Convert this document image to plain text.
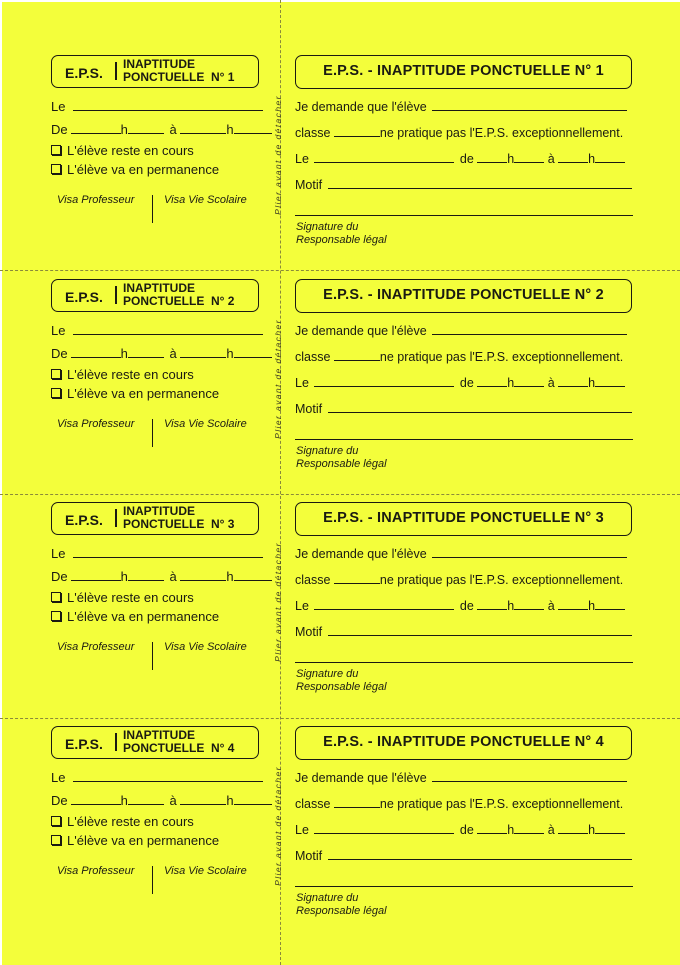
E.P.S.
INAPTITUDE
PONCTUELLE  N° 1
Le
De	h	à	h
L'élève reste en cours
L'élève va en permanence
Visa Professeur	Visa Vie Scolaire	Plier avant de détacher
E.P.S. - INAPTITUDE PONCTUELLE N° 1
Je demande que l'élève
classe	ne pratique pas l'E.P.S. exceptionnellement.
Le	de	h	à	h
Motif
Signature du
Responsable légal
E.P.S.
INAPTITUDE
PONCTUELLE  N° 2
Le
De	h	à	h
L'élève reste en cours
L'élève va en permanence
Visa Professeur	Visa Vie Scolaire	Plier avant de détacher
E.P.S. - INAPTITUDE PONCTUELLE N° 2
Je demande que l'élève
classe	ne pratique pas l'E.P.S. exceptionnellement.
Le	de	h	à	h
Motif
Signature du
Responsable légal
E.P.S.
INAPTITUDE
PONCTUELLE  N° 3
Le
De	h	à	h
L'élève reste en cours
L'élève va en permanence
Visa Professeur	Visa Vie Scolaire	Plier avant de détacher
E.P.S. - INAPTITUDE PONCTUELLE N° 3
Je demande que l'élève
classe	ne pratique pas l'E.P.S. exceptionnellement.
Le	de	h	à	h
Motif
Signature du
Responsable légal
E.P.S.
INAPTITUDE
PONCTUELLE  N° 4
Le
De	h	à	h
L'élève reste en cours
L'élève va en permanence
Visa Professeur	Visa Vie Scolaire	Plier avant de détacher
E.P.S. - INAPTITUDE PONCTUELLE N° 4
Je demande que l'élève
classe	ne pratique pas l'E.P.S. exceptionnellement.
Le	de	h	à	h
Motif
Signature du
Responsable légal
